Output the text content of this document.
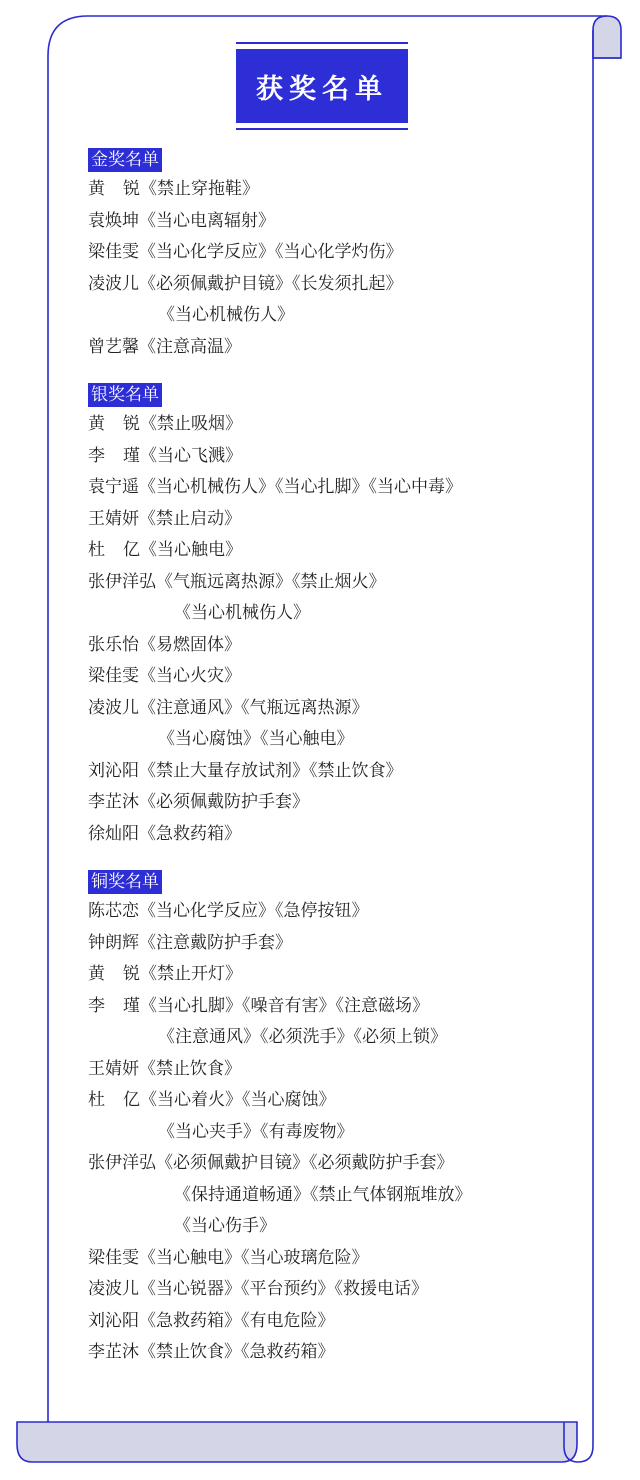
获奖名单
金奖名单
黄 锐 《禁止穿拖鞋》
袁焕坤 《当心电离辐射》
梁佳雯 《当心化学反应》《当心化学灼伤》
凌波儿 《必须佩戴护目镜》《长发须扎起》
《当心机械伤人》
曾艺馨 《注意高温》
银奖名单
黄 锐 《禁止吸烟》
李 瑾 《当心飞溅》
袁宁遥 《当心机械伤人》《当心扎脚》《当心中毒》
王婧妍 《禁止启动》
杜 亿 《当心触电》
张伊洋弘 《气瓶远离热源》《禁止烟火》
《当心机械伤人》
张乐怡 《易燃固体》
梁佳雯 《当心火灾》
凌波儿 《注意通风》《气瓶远离热源》
《当心腐蚀》《当心触电》
刘沁阳 《禁止大量存放试剂》《禁止饮食》
李芷沐 《必须佩戴防护手套》
徐灿阳 《急救药箱》
铜奖名单
陈芯恋 《当心化学反应》《急停按钮》
钟朗辉 《注意戴防护手套》
黄 锐 《禁止开灯》
李 瑾 《当心扎脚》《噪音有害》《注意磁场》
《注意通风》《必须洗手》《必须上锁》
王婧妍 《禁止饮食》
杜 亿 《当心着火》《当心腐蚀》
《当心夹手》《有毒废物》
张伊洋弘 《必须佩戴护目镜》《必须戴防护手套》
《保持通道畅通》《禁止气体钢瓶堆放》
《当心伤手》
梁佳雯 《当心触电》《当心玻璃危险》
凌波儿 《当心锐器》《平台预约》《救援电话》
刘沁阳 《急救药箱》《有电危险》
李芷沐 《禁止饮食》《急救药箱》
